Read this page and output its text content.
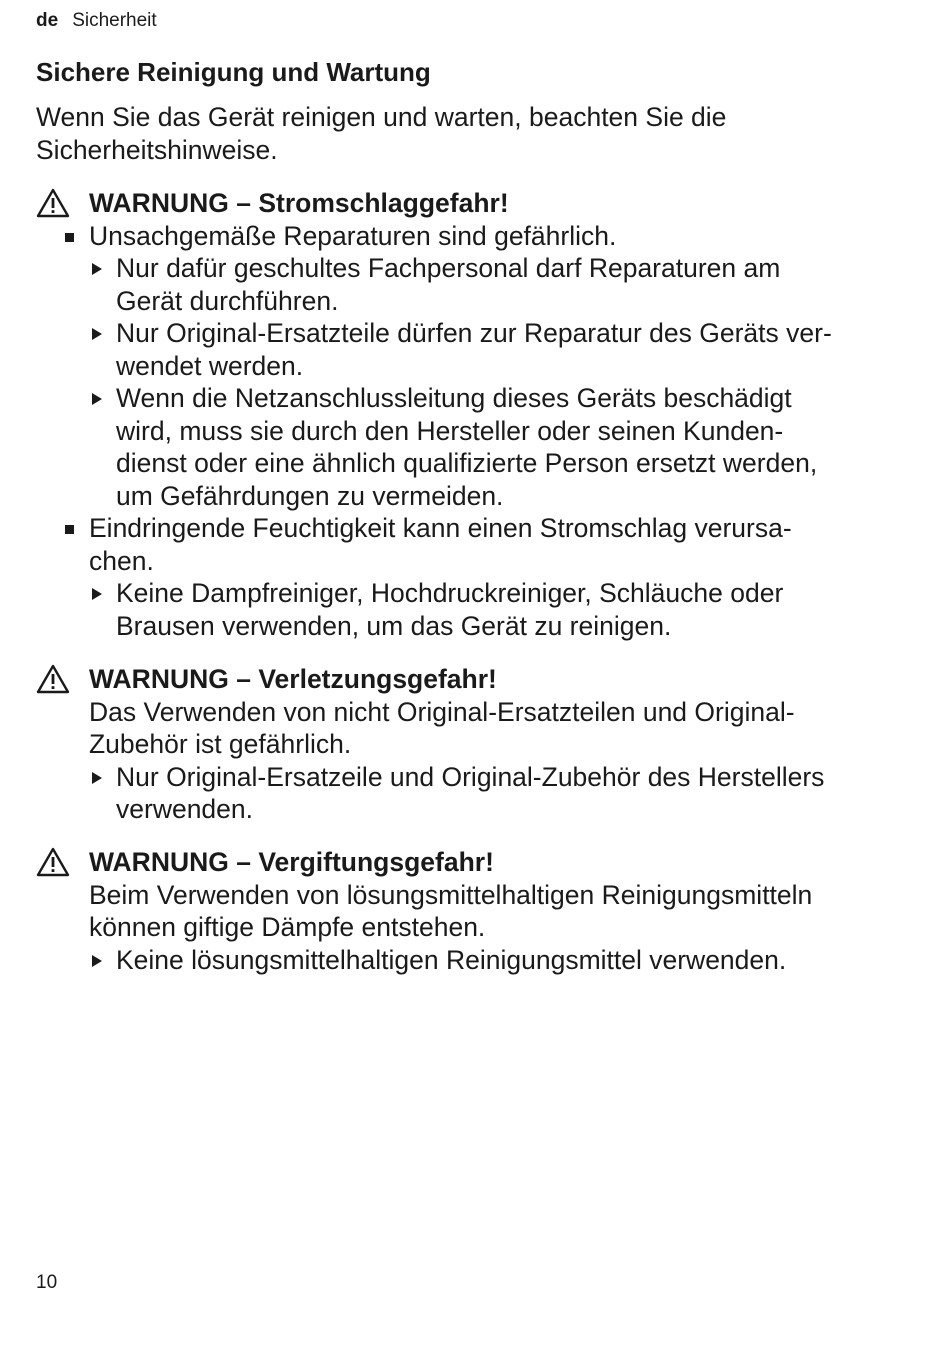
de Sicherheit
Sichere Reinigung und Wartung

Wenn Sie das Gerät reinigen und warten, beachten Sie die Sicherheitshinweise.

WARNUNG – Stromschlaggefahr!
Unsachgemäße Reparaturen sind gefährlich.
Nur dafür geschultes Fachpersonal darf Reparaturen am
Gerät durchführen.
Nur Original-Ersatzteile dürfen zur Reparatur des Geräts ver-
wendet werden.
Wenn die Netzanschlussleitung dieses Geräts beschädigt
wird, muss sie durch den Hersteller oder seinen Kunden-
dienst oder eine ähnlich qualifizierte Person ersetzt werden,
um Gefährdungen zu vermeiden.
Eindringende Feuchtigkeit kann einen Stromschlag verursa-
chen.
Keine Dampfreiniger, Hochdruckreiniger, Schläuche oder
Brausen verwenden, um das Gerät zu reinigen.
WARNUNG – Verletzungsgefahr!
Das Verwenden von nicht Original-Ersatzteilen und Original-
Zubehör ist gefährlich.
Nur Original-Ersatzeile und Original-Zubehör des Herstellers
verwenden.
WARNUNG – Vergiftungsgefahr!
Beim Verwenden von lösungsmittelhaltigen Reinigungsmitteln
können giftige Dämpfe entstehen.
Keine lösungsmittelhaltigen Reinigungsmittel verwenden.
10
